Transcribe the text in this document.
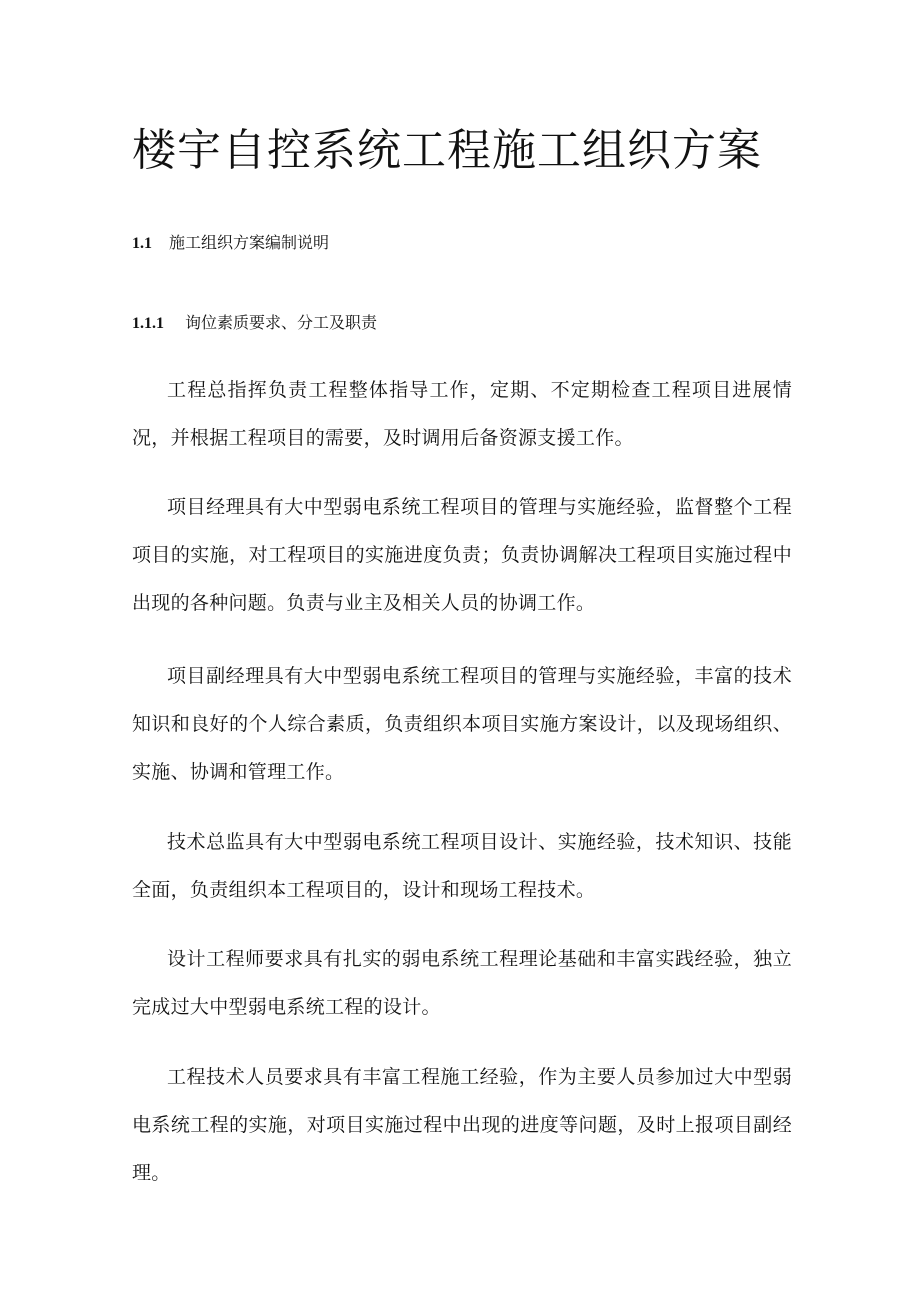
楼宇自控系统工程施工组织方案
1.1 施工组织方案编制说明
1.1.1 询位素质要求、分工及职责

工程总指挥负责工程整体指导工作，定期、不定期检查工程项目进展情况，并根据工程项目的需要，及时调用后备资源支援工作。

项目经理具有大中型弱电系统工程项目的管理与实施经验，监督整个工程项目的实施，对工程项目的实施进度负责；负责协调解决工程项目实施过程中出现的各种问题。负责与业主及相关人员的协调工作。

项目副经理具有大中型弱电系统工程项目的管理与实施经验，丰富的技术知识和良好的个人综合素质，负责组织本项目实施方案设计，以及现场组织、实施、协调和管理工作。

技术总监具有大中型弱电系统工程项目设计、实施经验，技术知识、技能全面，负责组织本工程项目的，设计和现场工程技术。

设计工程师要求具有扎实的弱电系统工程理论基础和丰富实践经验，独立完成过大中型弱电系统工程的设计。

工程技术人员要求具有丰富工程施工经验，作为主要人员参加过大中型弱电系统工程的实施，对项目实施过程中出现的进度等问题，及时上报项目副经理。
